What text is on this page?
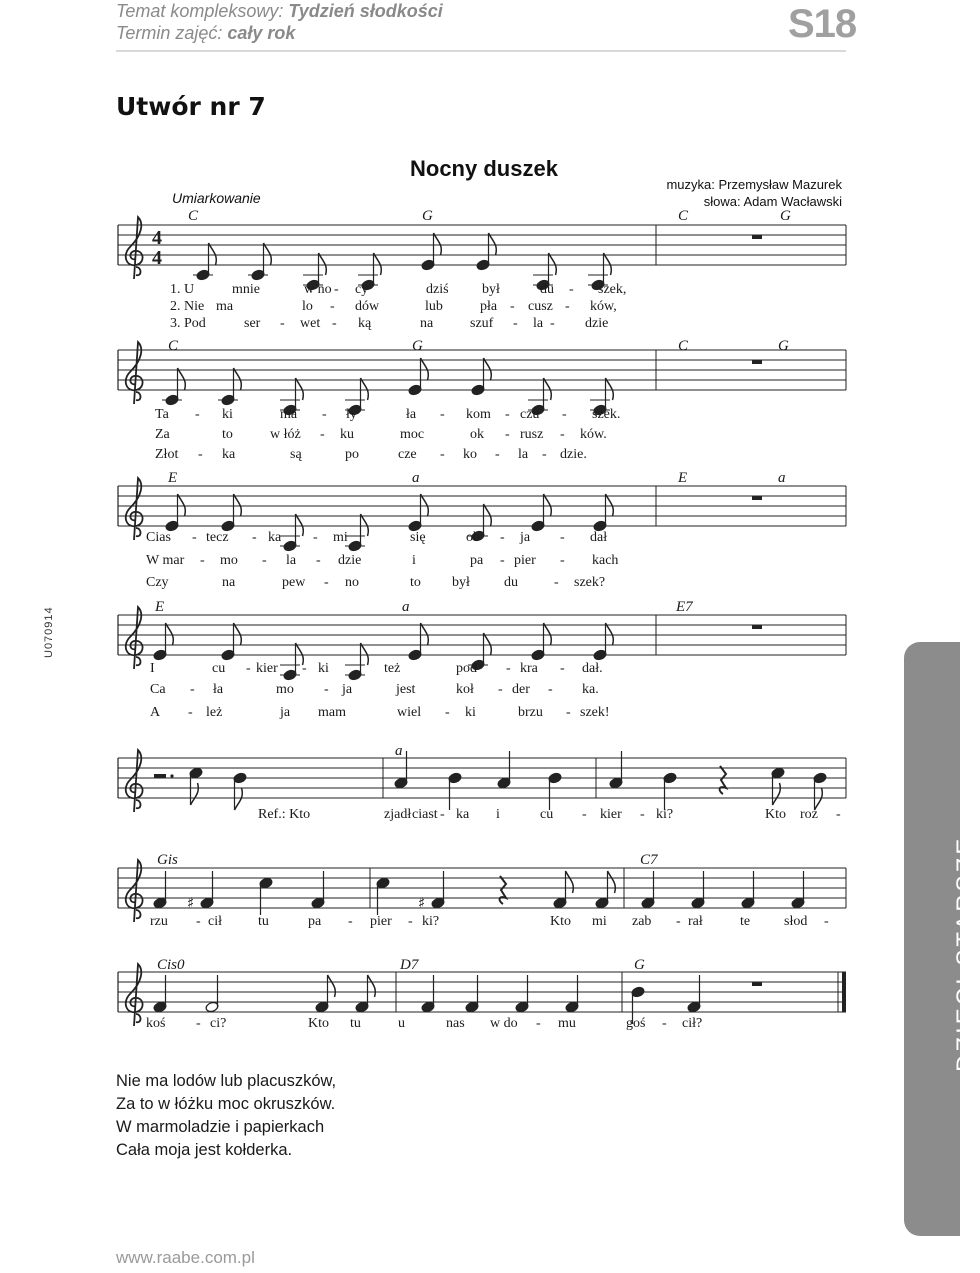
Temat kompleksowy: Tydzień słodkości
Termin zajęć: cały rok	S18
Utwór nr 7
Nocny duszek
Umiarkowanie
muzyka: Przemysław Mazurek
słowa: Adam Wacławski
U070914
DZIECI STARSZE
4
4
C	G	C	G
1. U	mnie	w no - cy	dziś był	du - szek,
2. Nie ma	lo - dów	lub	pła - cusz - ków,
3. Pod	ser - wet - ką	na	szuf - la - dzie
C	G	C	G
Ta - ki	ma - ły	ła - kom - czu - szek.
Za	to	w łóż - ku	moc	ok - rusz - ków.
Złot - ka	są	po	cze - ko - la - dzie.
E	a	E	a
Cias - tecz - ka - mi	się	ob - ja - dał
W mar - mo - la - dzie	i	pa - pier - kach
Czy	na	pew - no	to był du	- szek?
E	a	E7
I	cu - kier - ki	też	pod - kra - dał.
Ca - ła	mo - ja	jest	koł - der - ka.
A - leż	ja mam	wiel - ki	brzu - szek!
a
Ref.: Kto	zjadł ciast - ka i	cu - kier - ki?	Kto roz -
♯	♯
Gis	C7
rzu - cił	tu	pa - pier - ki?	Kto mi zab - rał	te słod -
Cis0	D7	G
koś - ci?	Kto tu	u	nas w do - mu	goś - cił?
Nie ma lodów lub placuszków,
Za to w łóżku moc okruszków.
W marmoladzie i papierkach
Cała moja jest kołderka.
www.raabe.com.pl
